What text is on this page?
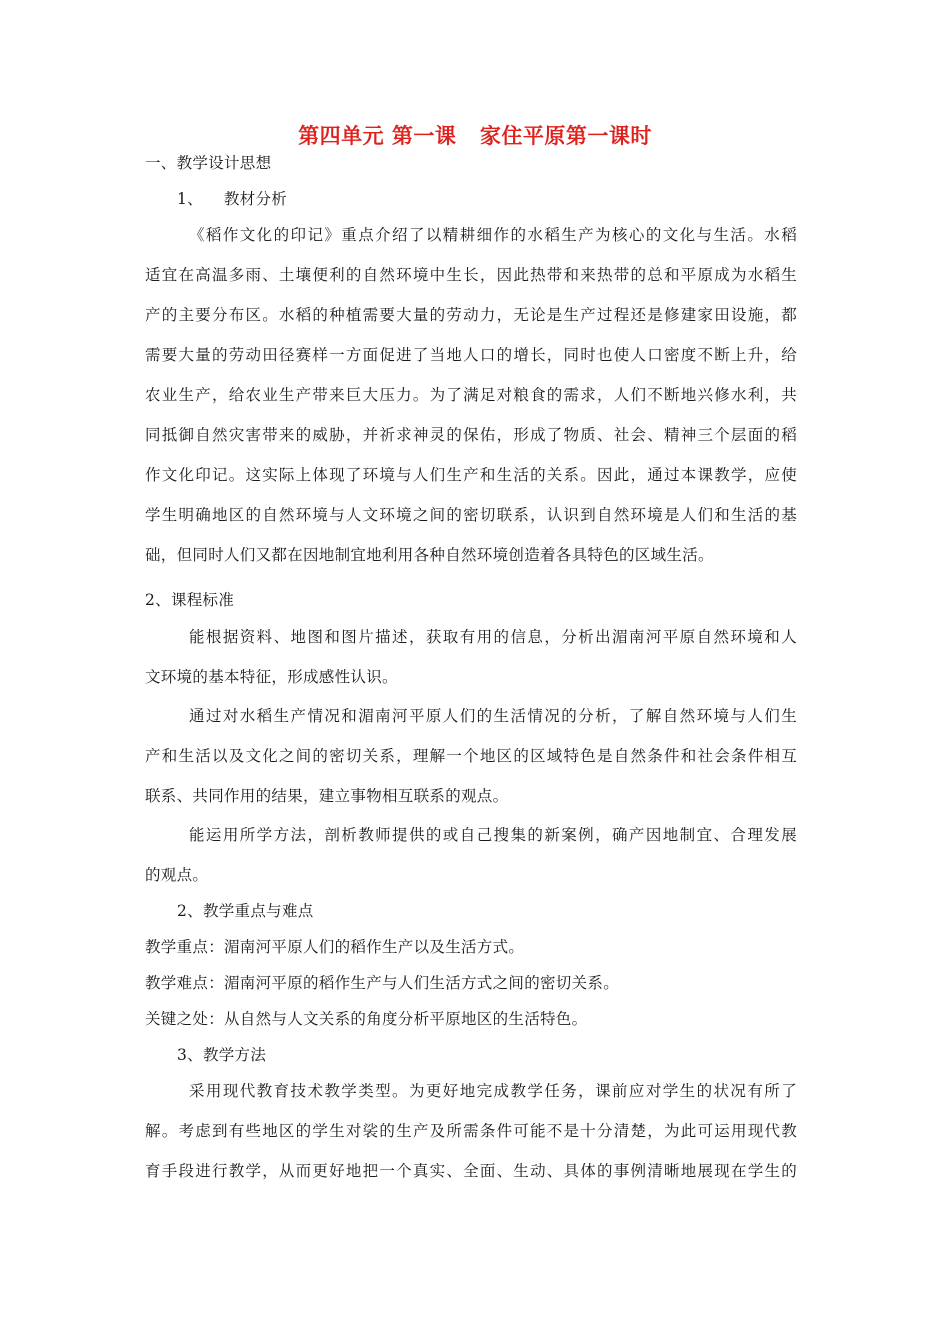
第四单元 第一课   家住平原第一课时
一、教学设计思想
1、    教材分析
《稻作文化的印记》重点介绍了以精耕细作的水稻生产为核心的文化与生活。水稻
适宜在高温多雨、土壤便利的自然环境中生长，因此热带和来热带的总和平原成为水稻生
产的主要分布区。水稻的种植需要大量的劳动力，无论是生产过程还是修建家田设施，都
需要大量的劳动田径赛样一方面促进了当地人口的增长，同时也使人口密度不断上升，给
农业生产，给农业生产带来巨大压力。为了满足对粮食的需求，人们不断地兴修水利，共
同抵御自然灾害带来的威胁，并祈求神灵的保佑，形成了物质、社会、精神三个层面的稻
作文化印记。这实际上体现了环境与人们生产和生活的关系。因此，通过本课教学，应使
学生明确地区的自然环境与人文环境之间的密切联系，认识到自然环境是人们和生活的基
础，但同时人们又都在因地制宜地利用各种自然环境创造着各具特色的区域生活。
2、课程标准
能根据资料、地图和图片描述，获取有用的信息，分析出湄南河平原自然环境和人
文环境的基本特征，形成感性认识。
通过对水稻生产情况和湄南河平原人们的生活情况的分析，了解自然环境与人们生
产和生活以及文化之间的密切关系，理解一个地区的区域特色是自然条件和社会条件相互
联系、共同作用的结果，建立事物相互联系的观点。
能运用所学方法，剖析教师提供的或自己搜集的新案例，确产因地制宜、合理发展
的观点。
2、教学重点与难点
教学重点：湄南河平原人们的稻作生产以及生活方式。
教学难点：湄南河平原的稻作生产与人们生活方式之间的密切关系。
关键之处：从自然与人文关系的角度分析平原地区的生活特色。
3、教学方法
采用现代教育技术教学类型。为更好地完成教学任务，课前应对学生的状况有所了
解。考虑到有些地区的学生对裟的生产及所需条件可能不是十分清楚，为此可运用现代教
育手段进行教学，从而更好地把一个真实、全面、生动、具体的事例清晰地展现在学生的
